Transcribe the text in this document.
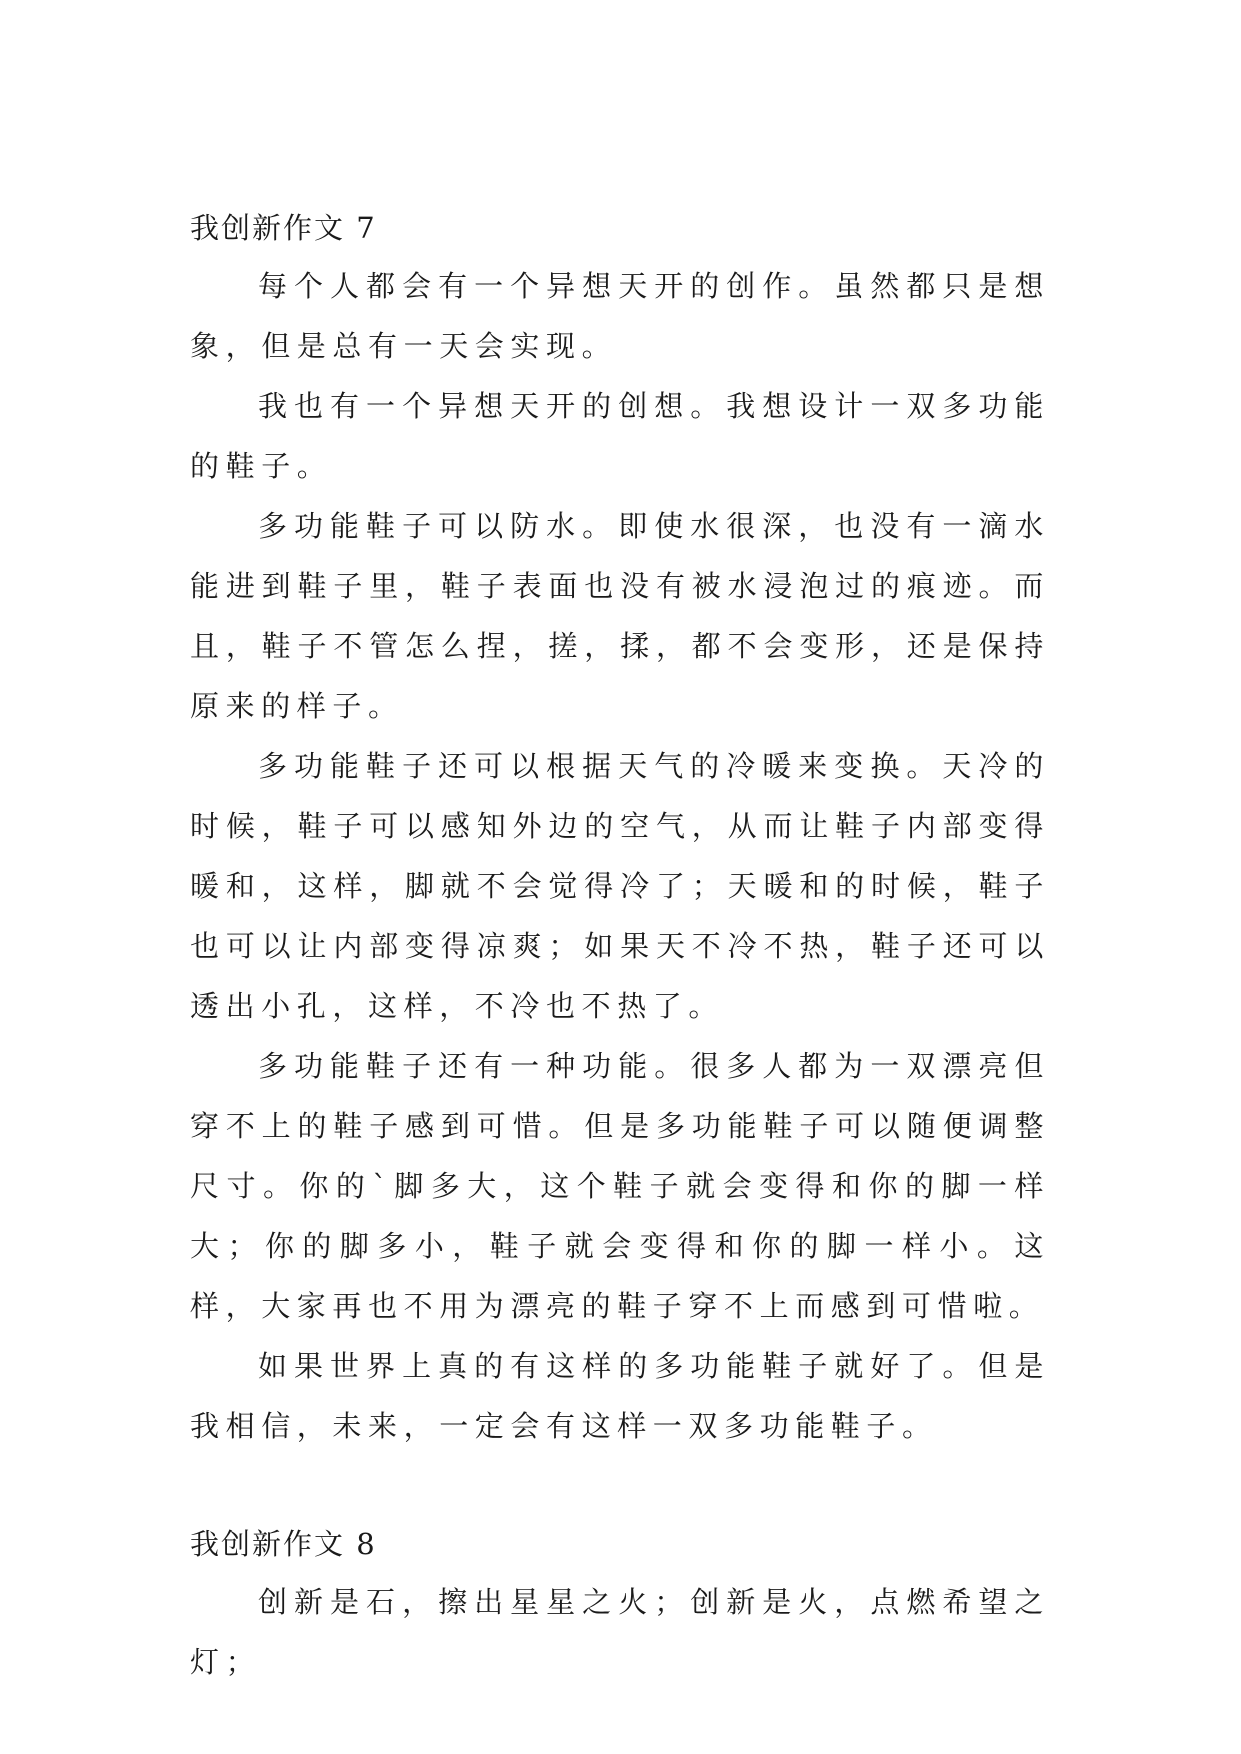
我创新作文 7

每个人都会有一个异想天开的创作。虽然都只是想象，但是总有一天会实现。

我也有一个异想天开的创想。我想设计一双多功能的鞋子。

多功能鞋子可以防水。即使水很深，也没有一滴水能进到鞋子里，鞋子表面也没有被水浸泡过的痕迹。而且，鞋子不管怎么捏，搓，揉，都不会变形，还是保持原来的样子。

多功能鞋子还可以根据天气的冷暖来变换。天冷的时候，鞋子可以感知外边的空气，从而让鞋子内部变得暖和，这样，脚就不会觉得冷了；天暖和的时候，鞋子也可以让内部变得凉爽；如果天不冷不热，鞋子还可以透出小孔，这样，不冷也不热了。

多功能鞋子还有一种功能。很多人都为一双漂亮但穿不上的鞋子感到可惜。但是多功能鞋子可以随便调整尺寸。你的`脚多大，这个鞋子就会变得和你的脚一样大；你的脚多小，鞋子就会变得和你的脚一样小。这样，大家再也不用为漂亮的鞋子穿不上而感到可惜啦。

如果世界上真的有这样的多功能鞋子就好了。但是我相信，未来，一定会有这样一双多功能鞋子。

我创新作文 8

创新是石，擦出星星之火；创新是火，点燃希望之灯；
